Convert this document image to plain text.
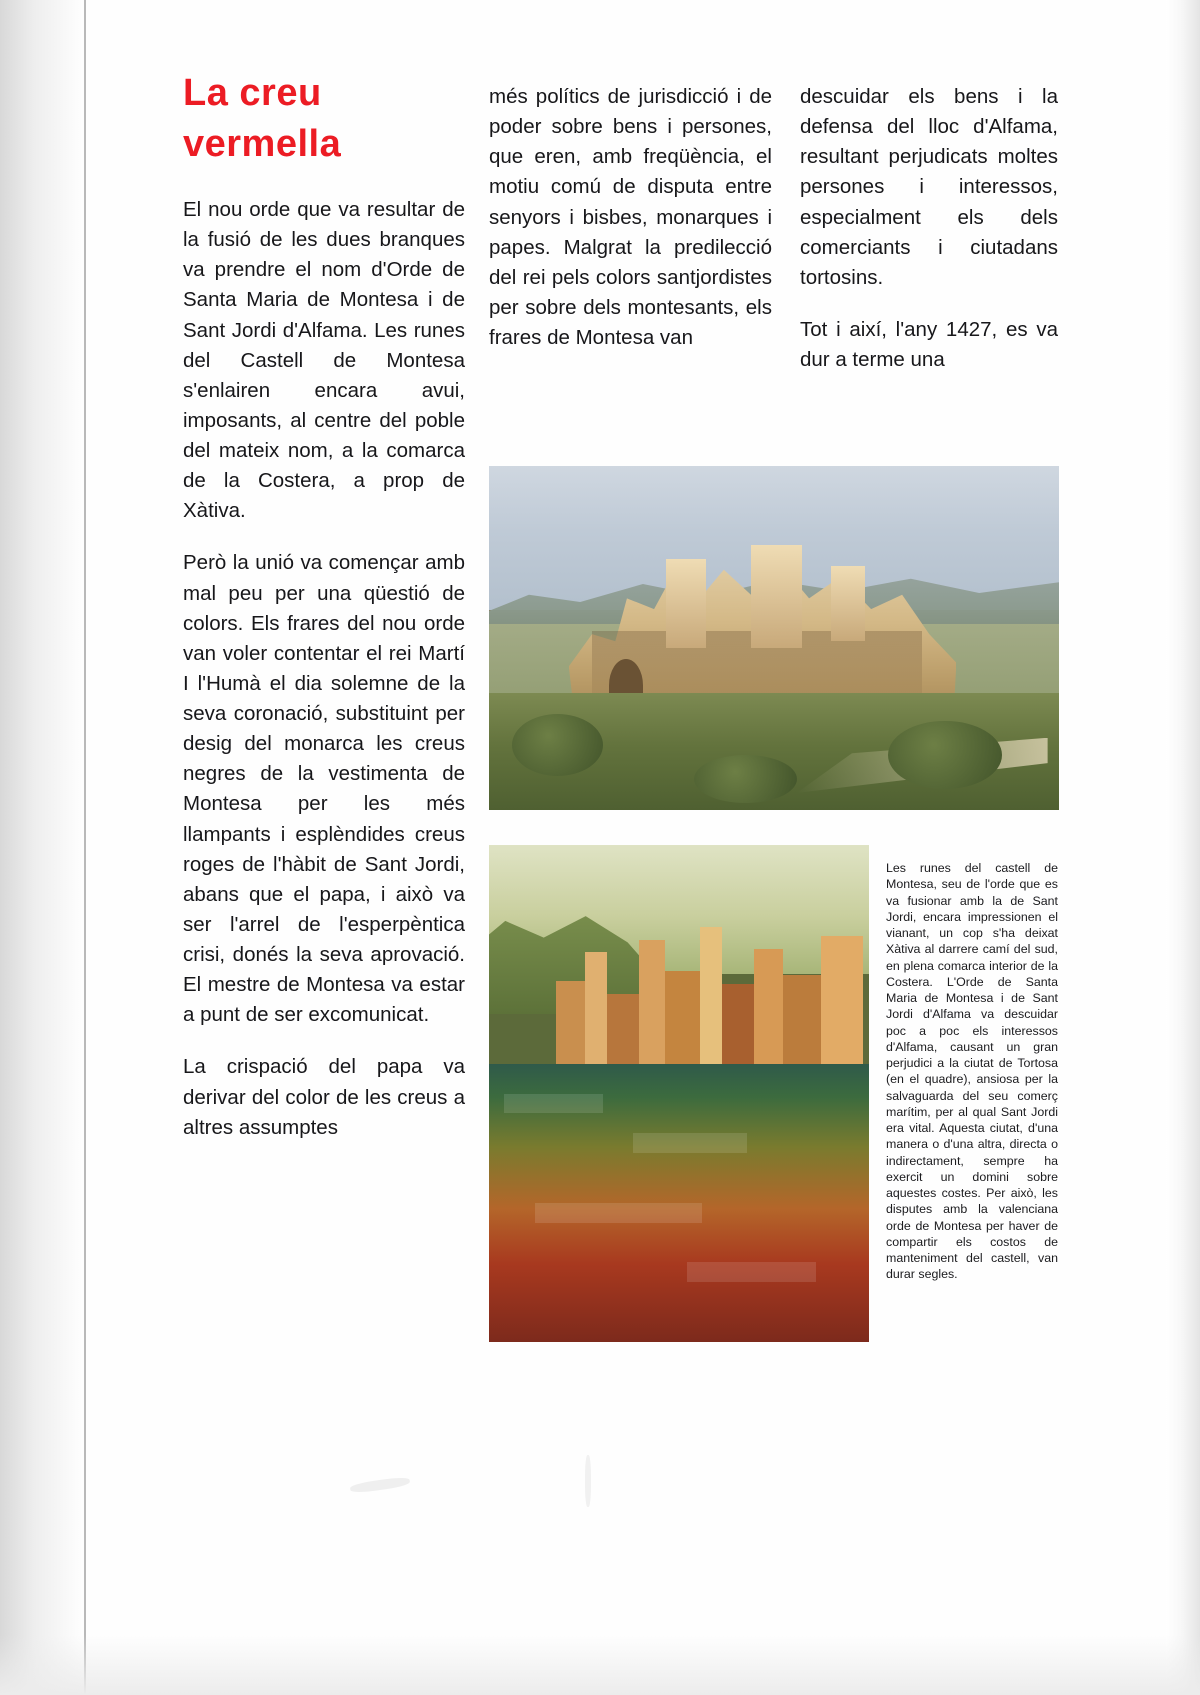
La creu vermella

El nou orde que va resultar de la fusió de les dues branques va prendre el nom d'Orde de Santa Maria de Montesa i de Sant Jordi d'Alfama. Les runes del Castell de Montesa s'enlairen encara avui, imposants, al centre del poble del mateix nom, a la comarca de la Costera, a prop de Xàtiva.

Però la unió va començar amb mal peu per una qüestió de colors. Els frares del nou orde van voler contentar el rei Martí I l'Humà el dia solemne de la seva coronació, substituint per desig del monarca les creus negres de la vestimenta de Montesa per les més llampants i esplèndides creus roges de l'hàbit de Sant Jordi, abans que el papa, i això va ser l'arrel de l'esperpèntica crisi, donés la seva aprovació. El mestre de Montesa va estar a punt de ser excomunicat.

La crispació del papa va derivar del color de les creus a altres assumptes

més polítics de jurisdicció i de poder sobre bens i persones, que eren, amb freqüència, el motiu comú de disputa entre senyors i bisbes, monarques i papes. Malgrat la predilecció del rei pels colors santjordistes per sobre dels montesants, els frares de Montesa van

descuidar els bens i la defensa del lloc d'Alfama, resultant perjudicats moltes persones i interessos, especialment els dels comerciants i ciutadans tortosins.

Tot i així, l'any 1427, es va dur a terme una

Les runes del castell de Montesa, seu de l'orde que es va fusionar amb la de Sant Jordi, encara impressionen el vianant, un cop s'ha deixat Xàtiva al darrere camí del sud, en plena comarca interior de la Costera. L'Orde de Santa Maria de Montesa i de Sant Jordi d'Alfama va descuidar poc a poc els interessos d'Alfama, causant un gran perjudici a la ciutat de Tortosa (en el quadre), ansiosa per la salvaguarda del seu comerç marítim, per al qual Sant Jordi era vital. Aquesta ciutat, d'una manera o d'una altra, directa o indirectament, sempre ha exercit un domini sobre aquestes costes. Per això, les disputes amb la valenciana orde de Montesa per haver de compartir els costos de manteniment del castell, van durar segles.
